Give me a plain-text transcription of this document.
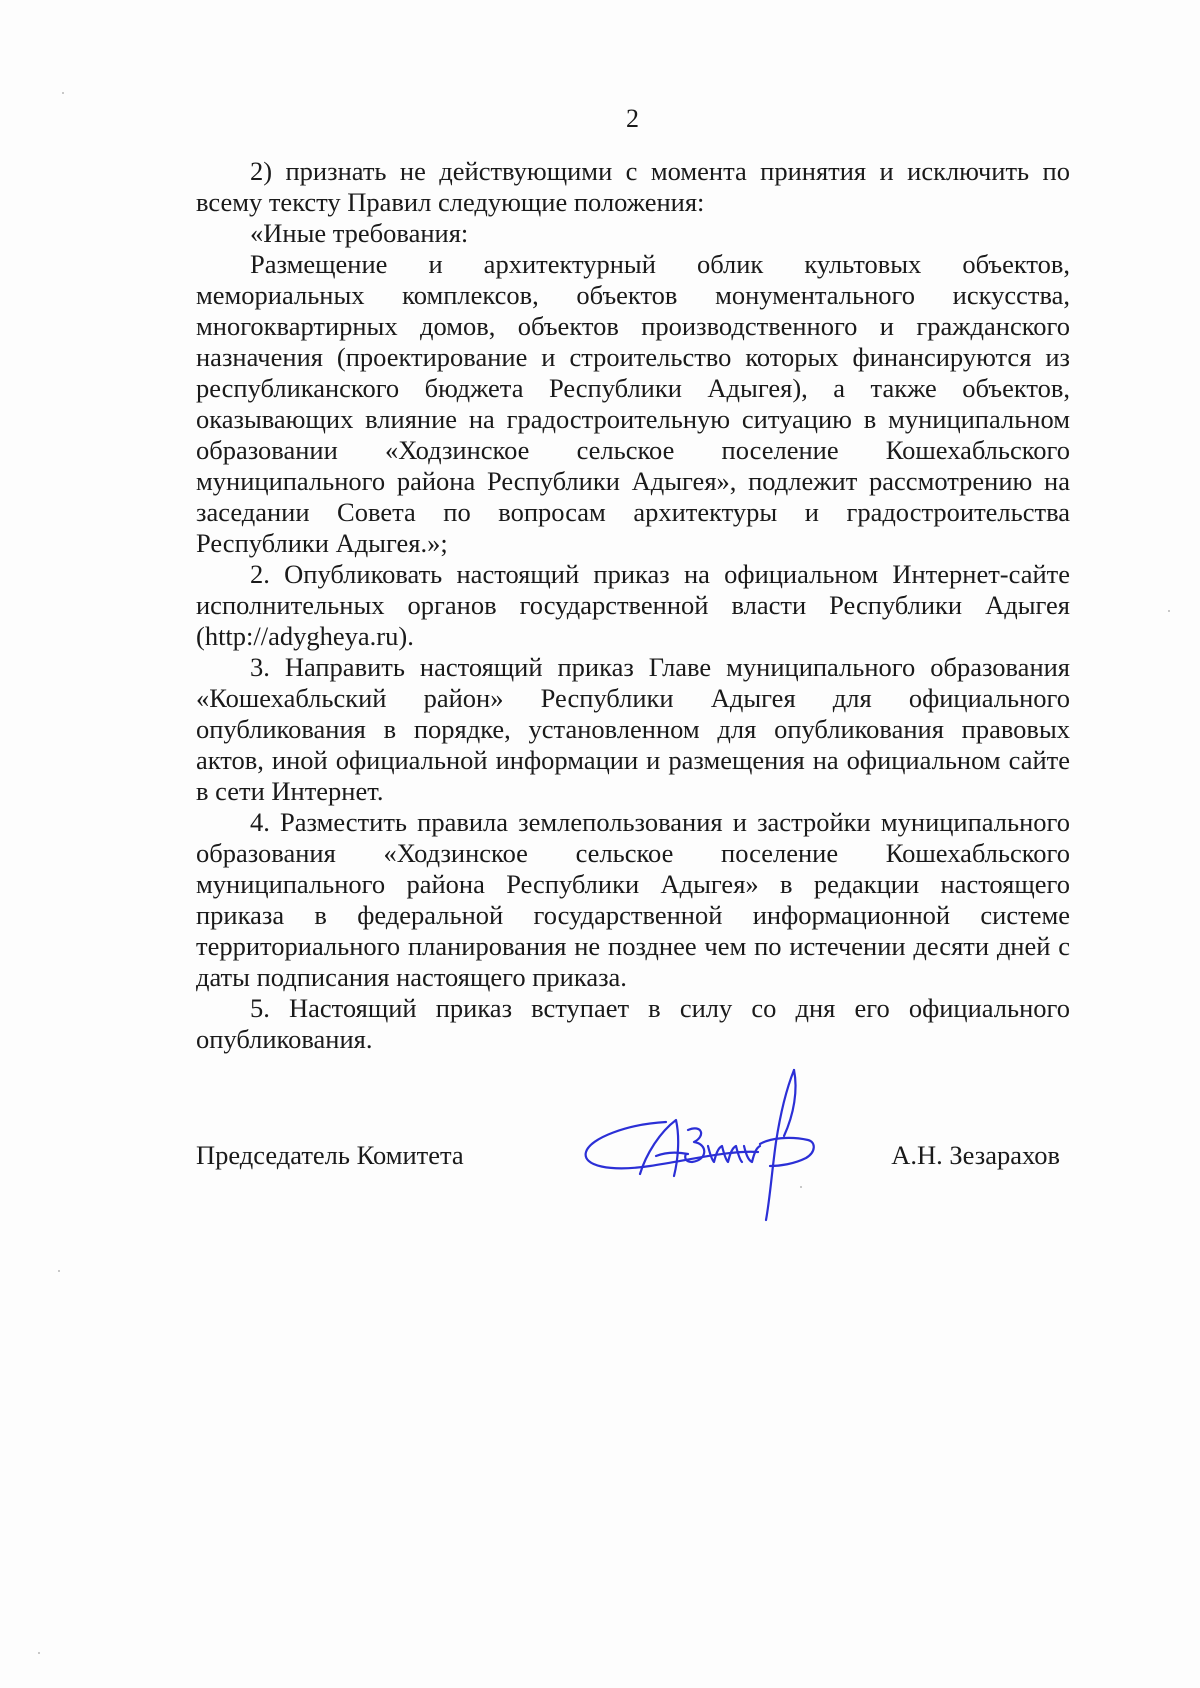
2

2) признать не действующими с момента принятия и исключить по всему тексту Правил следующие положения:

«Иные требования:

Размещение и архитектурный облик культовых объектов, мемориальных комплексов, объектов монументального искусства, многоквартирных домов, объектов производственного и гражданского назначения (проектирование и строительство которых финансируются из республиканского бюджета Республики Адыгея), а также объектов, оказывающих влияние на градостроительную ситуацию в муниципальном образовании «Ходзинское сельское поселение Кошехабльского муниципального района Республики Адыгея», подлежит рассмотрению на заседании Совета по вопросам архитектуры и градостроительства Республики Адыгея.»;

2. Опубликовать настоящий приказ на официальном Интернет-сайте исполнительных органов государственной власти Республики Адыгея (http://adygheya.ru).

3. Направить настоящий приказ Главе муниципального образования «Кошехабльский район» Республики Адыгея для официального опубликования в порядке, установленном для опубликования правовых актов, иной официальной информации и размещения на официальном сайте в сети Интернет.

4. Разместить правила землепользования и застройки муниципального образования «Ходзинское сельское поселение Кошехабльского муниципального района Республики Адыгея» в редакции настоящего приказа в федеральной государственной информационной системе территориального планирования не позднее чем по истечении десяти дней с даты подписания настоящего приказа.

5. Настоящий приказ вступает в силу со дня его официального опубликования.

Председатель Комитета	А.Н. Зезарахов
